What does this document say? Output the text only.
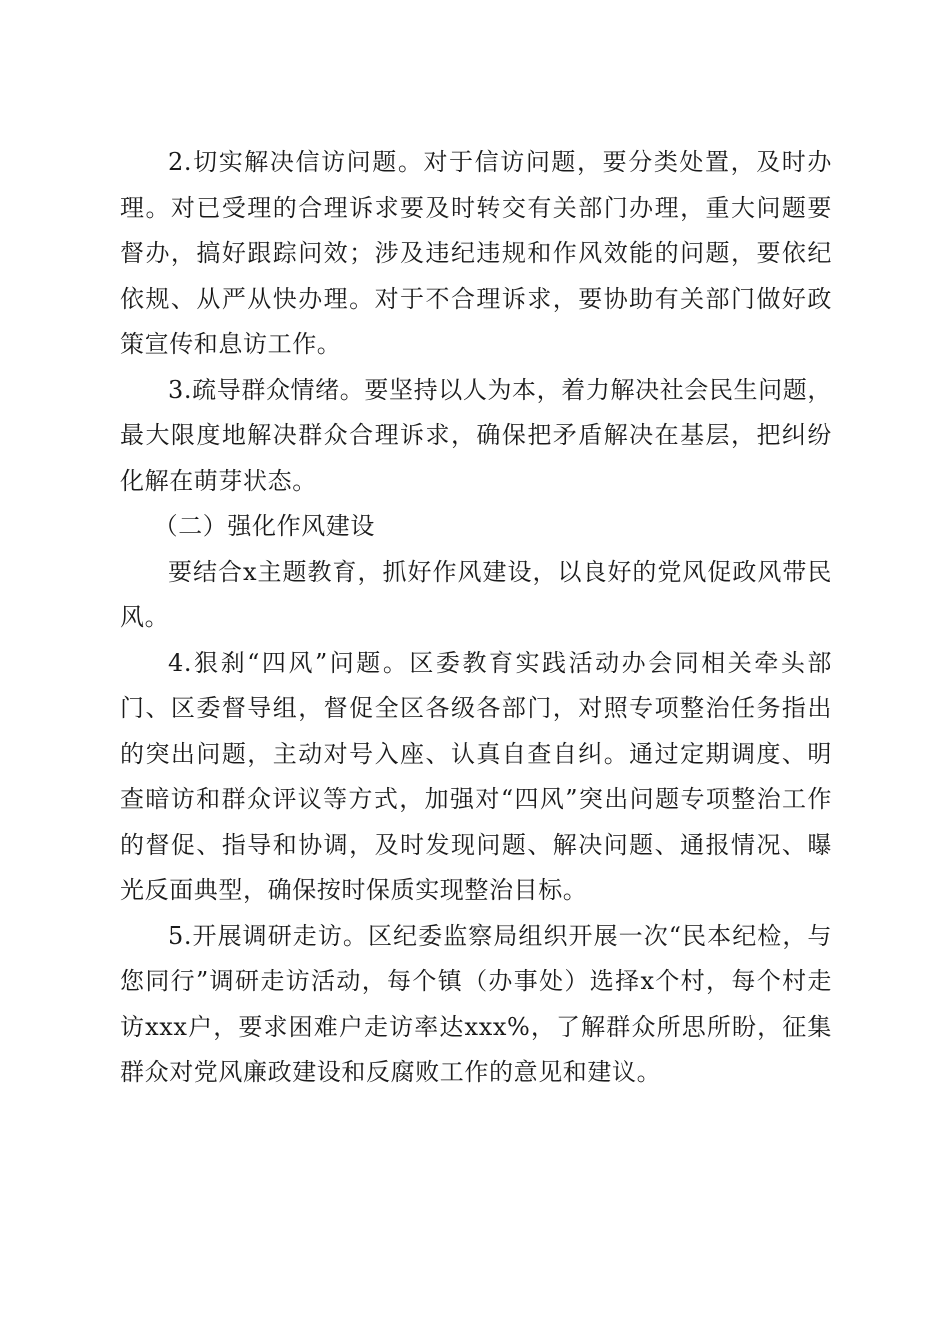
2.切实解决信访问题。对于信访问题，要分类处置，及时办理。对已受理的合理诉求要及时转交有关部门办理，重大问题要督办，搞好跟踪问效；涉及违纪违规和作风效能的问题，要依纪依规、从严从快办理。对于不合理诉求，要协助有关部门做好政策宣传和息访工作。

3.疏导群众情绪。要坚持以人为本，着力解决社会民生问题，最大限度地解决群众合理诉求，确保把矛盾解决在基层，把纠纷化解在萌芽状态。

（二）强化作风建设

要结合x主题教育，抓好作风建设，以良好的党风促政风带民风。

4.狠刹“四风”问题。区委教育实践活动办会同相关牵头部门、区委督导组，督促全区各级各部门，对照专项整治任务指出的突出问题，主动对号入座、认真自查自纠。通过定期调度、明查暗访和群众评议等方式，加强对“四风”突出问题专项整治工作的督促、指导和协调，及时发现问题、解决问题、通报情况、曝光反面典型，确保按时保质实现整治目标。

5.开展调研走访。区纪委监察局组织开展一次“民本纪检，与您同行”调研走访活动，每个镇（办事处）选择x个村，每个村走访xxx户，要求困难户走访率达xxx%，了解群众所思所盼，征集群众对党风廉政建设和反腐败工作的意见和建议。
